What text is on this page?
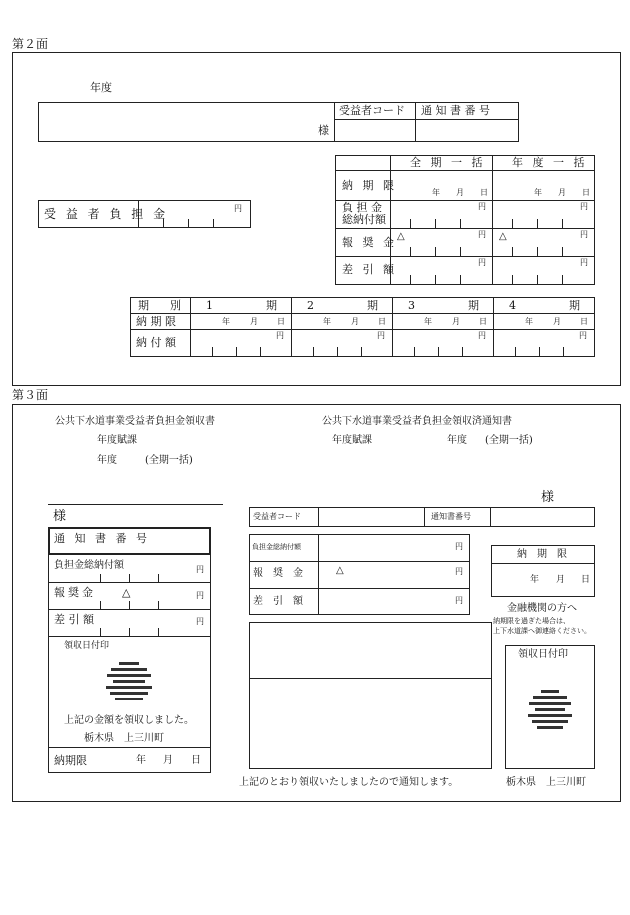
第２面
年度
受益者コード 通 知 書 番 号
様
受 益 者 負 担 金	円
全 期 一 括 年 度 一 括
納 期 限
年 月 日	年 月 日
負 担 金
総納付額
円	円
報 奨 金 △	円 △	円
差 引 額
円	円
期　別
納 期 限
納 付 額
1	期	2	期	3	期	4	期
年	月 日	年	月 日	年	月 日	年	月 日
円	円	円	円
第３面
公共下水道事業受益者負担金領収書
年度賦課
年度	(全期一括)
公共下水道事業受益者負担金領収済通知書
年度賦課	年度 (全期一括)
様
通 知 書 番 号
負担金総納付額	円
報奨金 △	円
差 引 額	円
領収日付印
上記の金額を領収しました。
栃木県　上三川町
納期限	年 月 日
様
受益者コード	通知書番号
負担金総納付額	円
報　奨　金	△	円
差　引　額	円
納　期　限
年 月 日
金融機関の方へ
納期限を過ぎた場合は、
上下水道課へ御連絡ください。
領収日付印
上記のとおり領収いたしましたので通知します。	栃木県　上三川町
